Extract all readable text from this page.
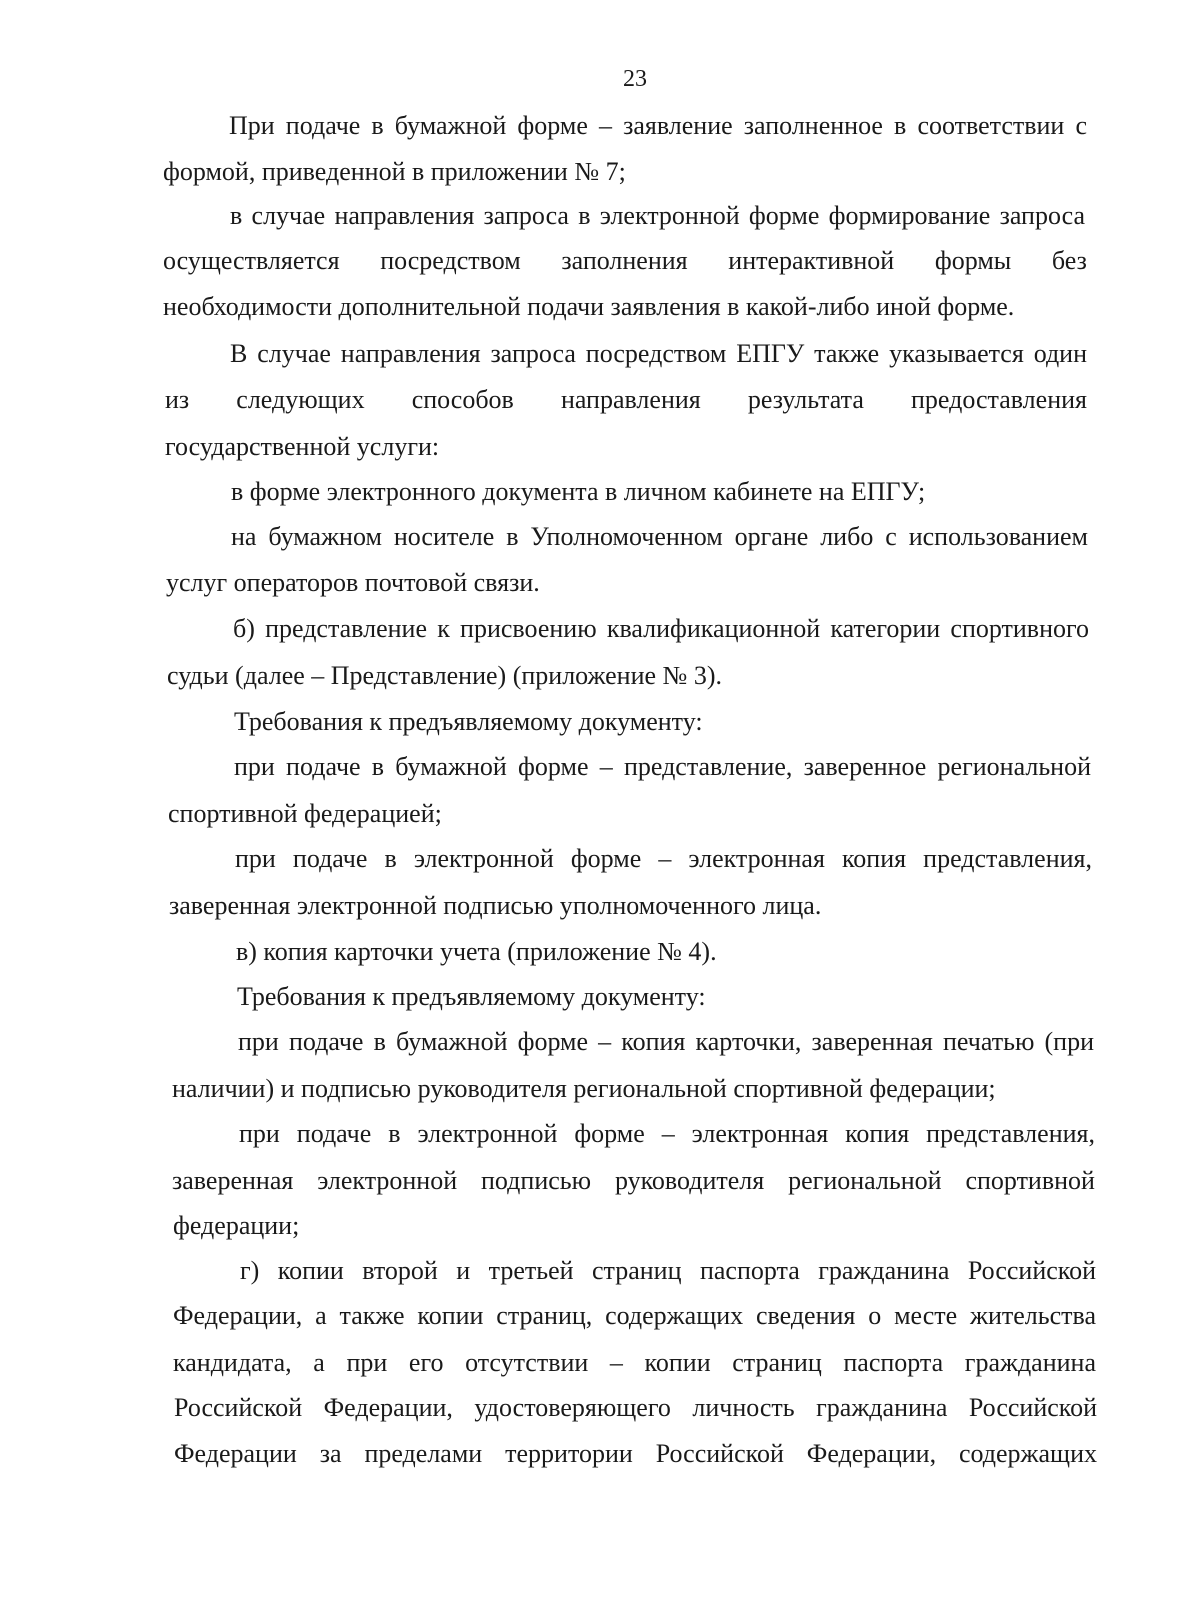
23
При подаче в бумажной форме – заявление заполненное в соответствии с
формой, приведенной в приложении № 7;
в случае направления запроса в электронной форме формирование запроса
осуществляется посредством заполнения интерактивной формы без
необходимости дополнительной подачи заявления в какой-либо иной форме.
В случае направления запроса посредством ЕПГУ также указывается один
из следующих способов направления результата предоставления
государственной услуги:
в форме электронного документа в личном кабинете на ЕПГУ;
на бумажном носителе в Уполномоченном органе либо с использованием
услуг операторов почтовой связи.
б) представление к присвоению квалификационной категории спортивного
судьи (далее – Представление) (приложение № 3).
Требования к предъявляемому документу:
при подаче в бумажной форме – представление, заверенное региональной
спортивной федерацией;
при подаче в электронной форме – электронная копия представления,
заверенная электронной подписью уполномоченного лица.
в) копия карточки учета (приложение № 4).
Требования к предъявляемому документу:
при подаче в бумажной форме – копия карточки, заверенная печатью (при
наличии) и подписью руководителя региональной спортивной федерации;
при подаче в электронной форме – электронная копия представления,
заверенная электронной подписью руководителя региональной спортивной
федерации;
г) копии второй и третьей страниц паспорта гражданина Российской
Федерации, а также копии страниц, содержащих сведения о месте жительства
кандидата, а при его отсутствии – копии страниц паспорта гражданина
Российской Федерации, удостоверяющего личность гражданина Российской
Федерации за пределами территории Российской Федерации, содержащих
